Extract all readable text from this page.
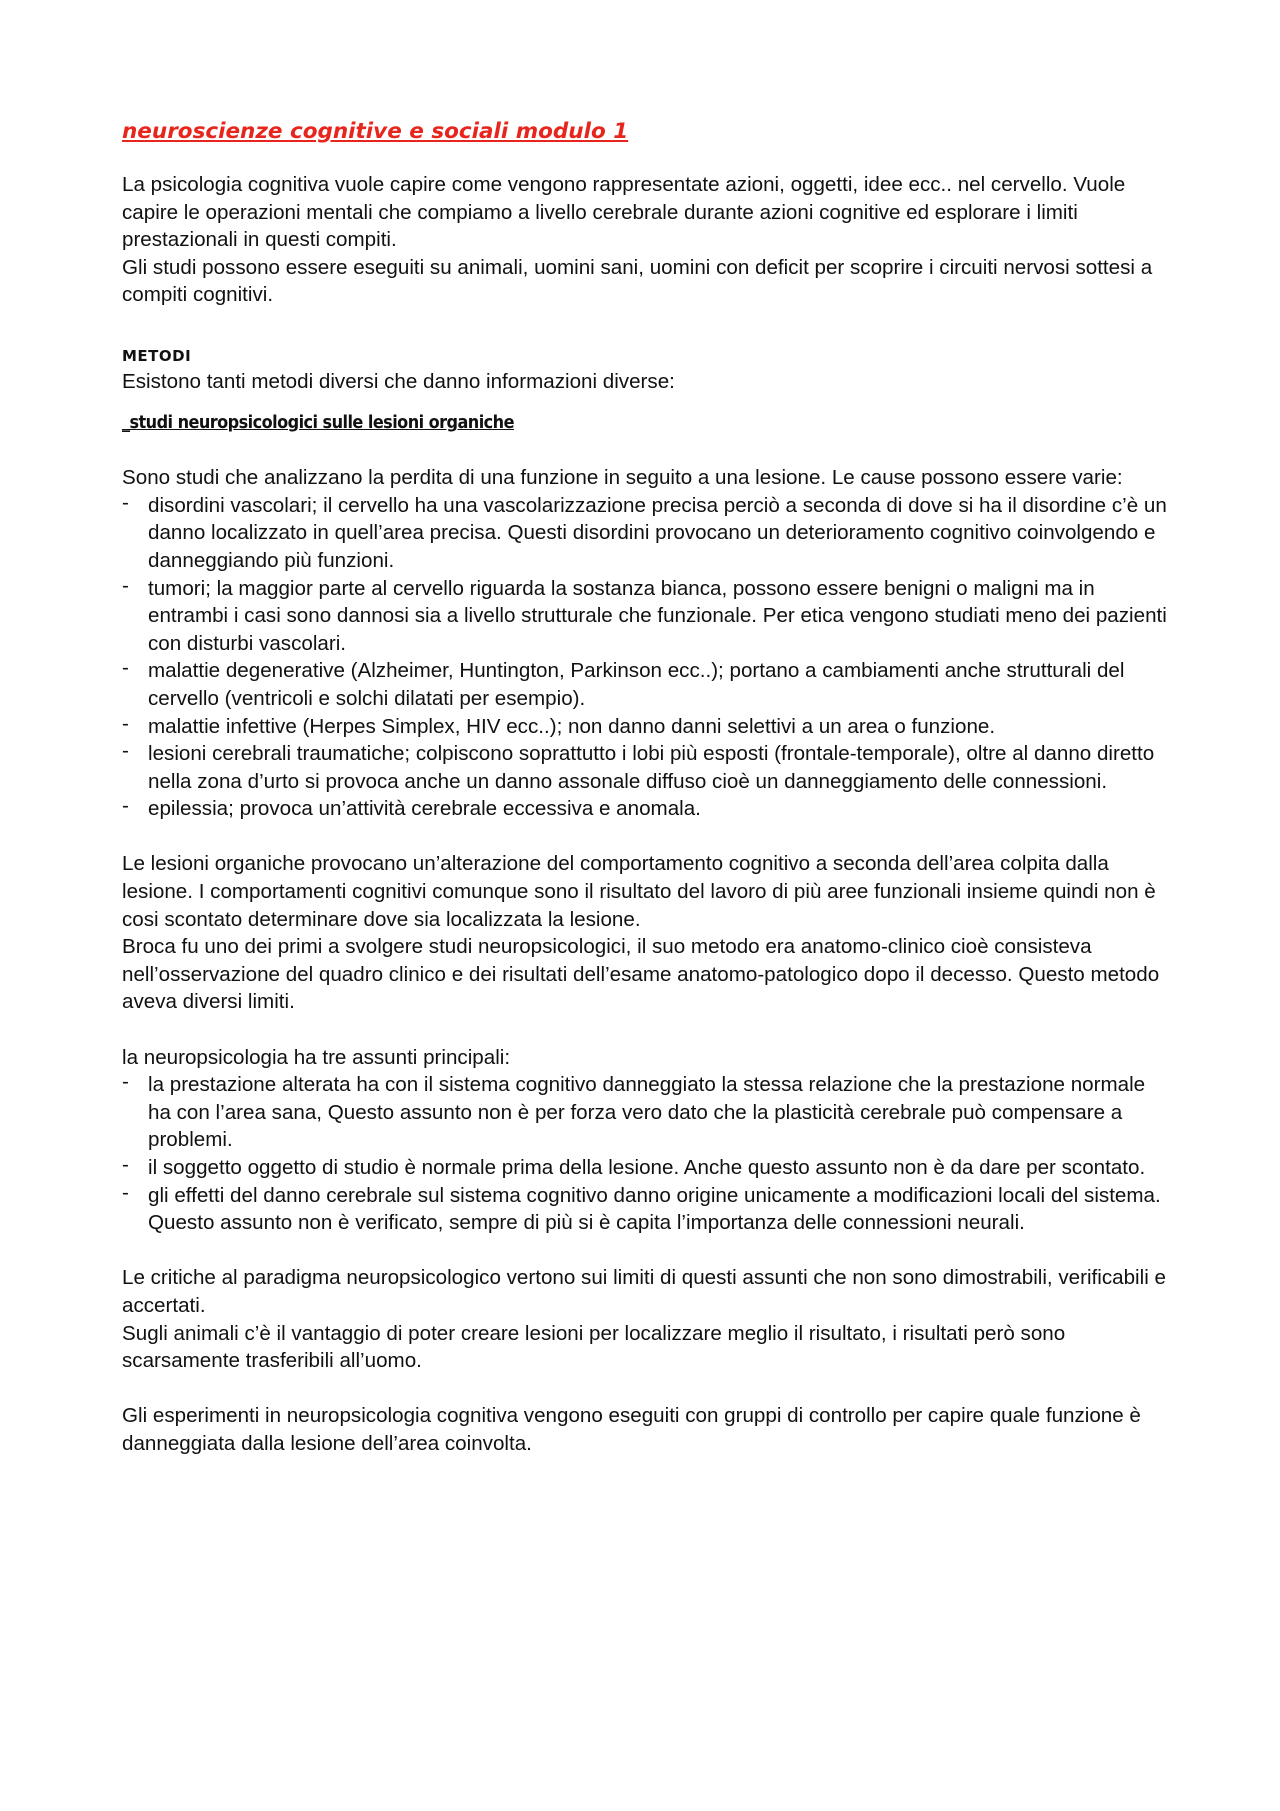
neuroscienze cognitive e sociali modulo 1

La psicologia cognitiva vuole capire come vengono rappresentate azioni, oggetti, idee ecc.. nel cervello. Vuole capire le operazioni mentali che compiamo a livello cerebrale durante azioni cognitive ed esplorare i limiti prestazionali in questi compiti.

Gli studi possono essere eseguiti su animali, uomini sani, uomini con deficit per scoprire i circuiti nervosi sottesi a compiti cognitivi.

METODI

Esistono tanti metodi diversi che danno informazioni diverse:

_studi neuropsicologici sulle lesioni organiche

Sono studi che analizzano la perdita di una funzione in seguito a una lesione. Le cause possono essere varie:

- disordini vascolari; il cervello ha una vascolarizzazione precisa perciò a seconda di dove si ha il disordine c’è un danno localizzato in quell’area precisa. Questi disordini provocano un deterioramento cognitivo coinvolgendo e danneggiando più funzioni.
- tumori; la maggior parte al cervello riguarda la sostanza bianca, possono essere benigni o maligni ma in entrambi i casi sono dannosi sia a livello strutturale che funzionale. Per etica vengono studiati meno dei pazienti con disturbi vascolari.
- malattie degenerative (Alzheimer, Huntington, Parkinson ecc..); portano a cambiamenti anche strutturali del cervello (ventricoli e solchi dilatati per esempio).
- malattie infettive (Herpes Simplex, HIV ecc..); non danno danni selettivi a un area o funzione.
- lesioni cerebrali traumatiche; colpiscono soprattutto i lobi più esposti (frontale-temporale), oltre al danno diretto nella zona d’urto si provoca anche un danno assonale diffuso cioè un danneggiamento delle connessioni.
- epilessia; provoca un’attività cerebrale eccessiva e anomala.

Le lesioni organiche provocano un’alterazione del comportamento cognitivo a seconda dell’area colpita dalla lesione. I comportamenti cognitivi comunque sono il risultato del lavoro di più aree funzionali insieme quindi non è cosi scontato determinare dove sia localizzata la lesione.

Broca fu uno dei primi a svolgere studi neuropsicologici, il suo metodo era anatomo-clinico cioè consisteva nell’osservazione del quadro clinico e dei risultati dell’esame anatomo-patologico dopo il decesso. Questo metodo aveva diversi limiti.

la neuropsicologia ha tre assunti principali:

- la prestazione alterata ha con il sistema cognitivo danneggiato la stessa relazione che la prestazione normale ha con l’area sana, Questo assunto non è per forza vero dato che la plasticità cerebrale può compensare a problemi.
- il soggetto oggetto di studio è normale prima della lesione. Anche questo assunto non è da dare per scontato.
- gli effetti del danno cerebrale sul sistema cognitivo danno origine unicamente a modificazioni locali del sistema. Questo assunto non è verificato, sempre di più si è capita l’importanza delle connessioni neurali.

Le critiche al paradigma neuropsicologico vertono sui limiti di questi assunti che non sono dimostrabili, verificabili e accertati.

Sugli animali c’è il vantaggio di poter creare lesioni per localizzare meglio il risultato, i risultati però sono scarsamente trasferibili all’uomo.

Gli esperimenti in neuropsicologia cognitiva vengono eseguiti con gruppi di controllo per capire quale funzione è danneggiata dalla lesione dell’area coinvolta.
